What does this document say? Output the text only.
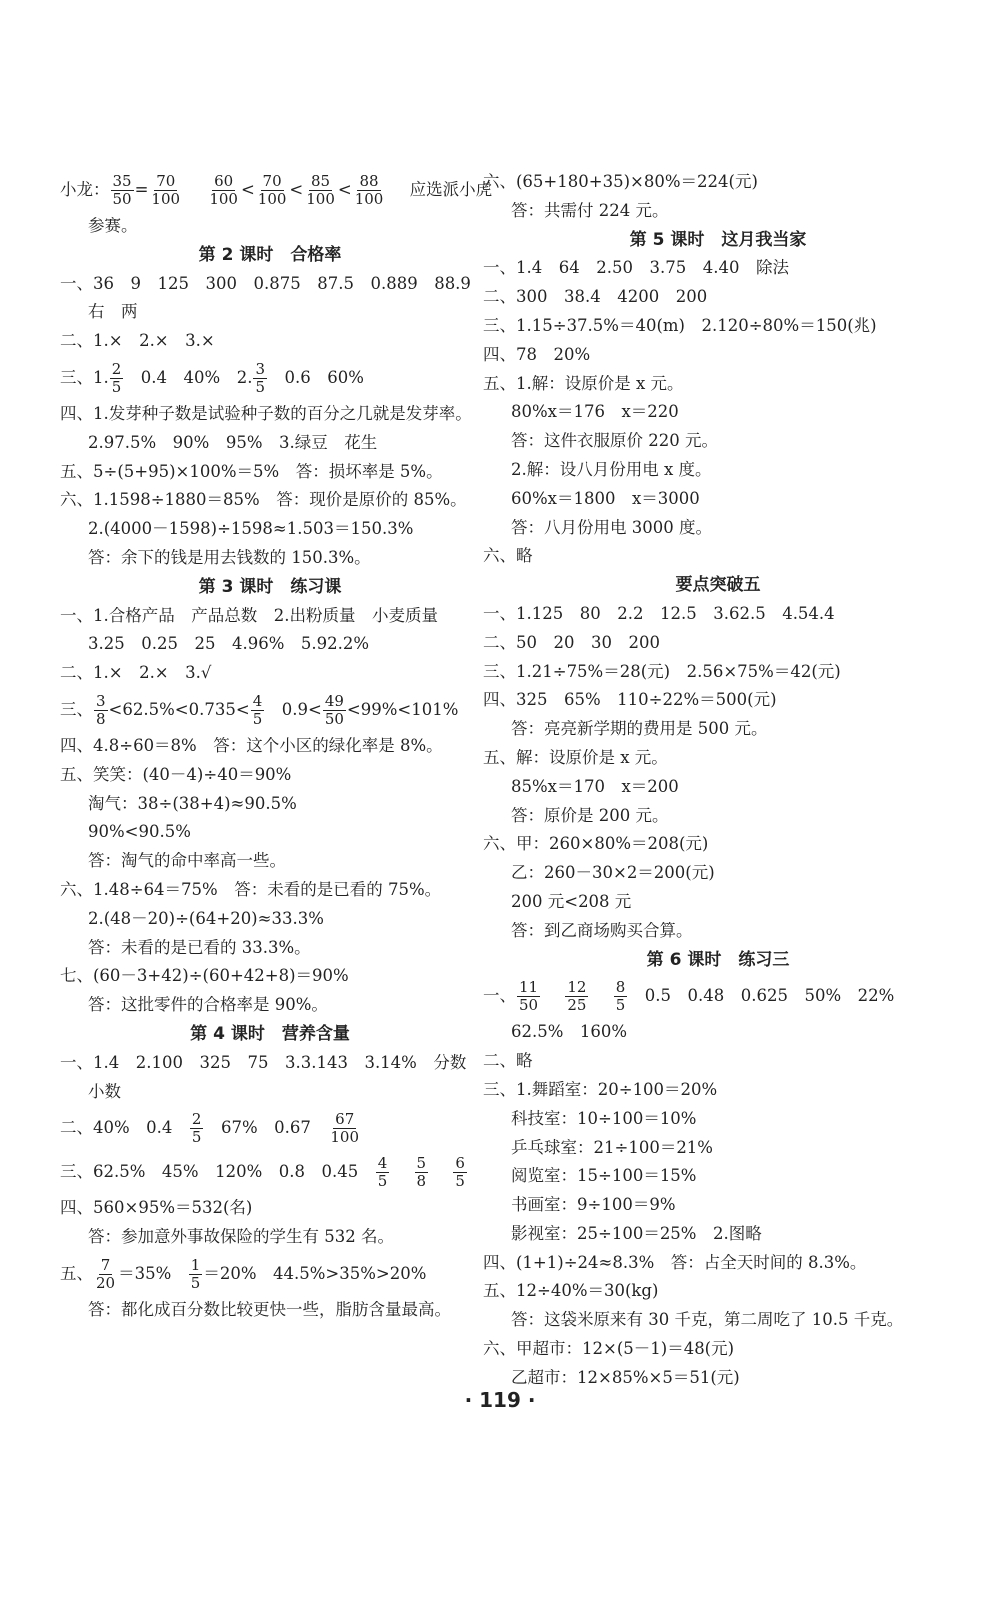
小龙： $\frac{35}{50} = \frac{70}{100}$
$\frac{60}{100} < \frac{70}{100} < \frac{85}{100} < \frac{88}{100}$ 应选派小虎
参赛。
第 2 课时　合格率
一、36　9　125　300　0.875　87.5　0.889　88.9
右　两
二、1.×　2.×　3.×
三、1. $\frac{2}{5}$ 　0.4　40%　2. $\frac{3}{5}$ 　0.6　60%
四、1.发芽种子数是试验种子数的百分之几就是发芽率。
2.97.5%　90%　95%　3.绿豆　花生
五、5÷(5+95)×100%＝5%　答：损坏率是 5%。
六、1.1598÷1880＝85%　答：现价是原价的 85%。
2.(4000－1598)÷1598≈1.503＝150.3%
答：余下的钱是用去钱数的 150.3%。
第 3 课时　练习课
一、1.合格产品　产品总数　2.出粉质量　小麦质量
3.25　0.25　25　4.96%　5.92.2%
二、1.×　2.×　3.√
三、 $\frac{3}{8} <62.5\%<0.735< \frac{4}{5}$ 　$0.9< \frac{49}{50} <99\%<101\%$
四、4.8÷60＝8%　答：这个小区的绿化率是 8%。
五、笑笑：(40－4)÷40＝90%
淘气：38÷(38+4)≈90.5%
90%<90.5%
答：淘气的命中率高一些。
六、1.48÷64＝75%　答：未看的是已看的 75%。
2.(48－20)÷(64+20)≈33.3%
答：未看的是已看的 33.3%。
七、(60－3+42)÷(60+42+8)＝90%
答：这批零件的合格率是 90%。
第 4 课时　营养含量
一、1.4　2.100　325　75　3.3.143　3.14%　分数
小数
二、40%　0.4　 $\frac{2}{5}$ 　67%　0.67　 $\frac{67}{100}$
三、62.5%　45%　120%　0.8　0.45　 $\frac{4}{5}$
$\frac{5}{8}$
$\frac{6}{5}$
四、560×95%＝532(名)
答：参加意外事故保险的学生有 532 名。
五、 $\frac{7}{20} =35\%$　 $\frac{1}{5} =20\%$　44.5%>35%>20%
答：都化成百分数比较更快一些，脂肪含量最高。
六、(65+180+35)×80%＝224(元)
答：共需付 224 元。
第 5 课时　这月我当家
一、1.4　64　2.50　3.75　4.40　除法
二、300　38.4　4200　200
三、1.15÷37.5%＝40(m)　2.120÷80%＝150(兆)
四、78　20%
五、1.解：设原价是 x 元。
80%x＝176　x＝220
答：这件衣服原价 220 元。
2.解：设八月份用电 x 度。
60%x＝1800　x＝3000
答：八月份用电 3000 度。
六、略
要点突破五
一、1.125　80　2.2　12.5　3.62.5　4.54.4
二、50　20　30　200
三、1.21÷75%＝28(元)　2.56×75%＝42(元)
四、325　65%　110÷22%＝500(元)
答：亮亮新学期的费用是 500 元。
五、解：设原价是 x 元。
85%x＝170　x＝200
答：原价是 200 元。
六、甲：260×80%＝208(元)
乙：260－30×2＝200(元)
200 元<208 元
答：到乙商场购买合算。
第 6 课时　练习三
一、 $\frac{11}{50}$
$\frac{12}{25}$
$\frac{8}{5}$ 　0.5　0.48　0.625　50%　22%
62.5%　160%
二、略
三、1.舞蹈室：20÷100＝20%
科技室：10÷100＝10%
乒乓球室：21÷100＝21%
阅览室：15÷100＝15%
书画室：9÷100＝9%
影视室：25÷100＝25%　2.图略
四、(1+1)÷24≈8.3%　答：占全天时间的 8.3%。
五、12÷40%＝30(kg)
答：这袋米原来有 30 千克，第二周吃了 10.5 千克。
六、甲超市：12×(5－1)＝48(元)
乙超市：12×85%×5＝51(元)
· 119 ·
